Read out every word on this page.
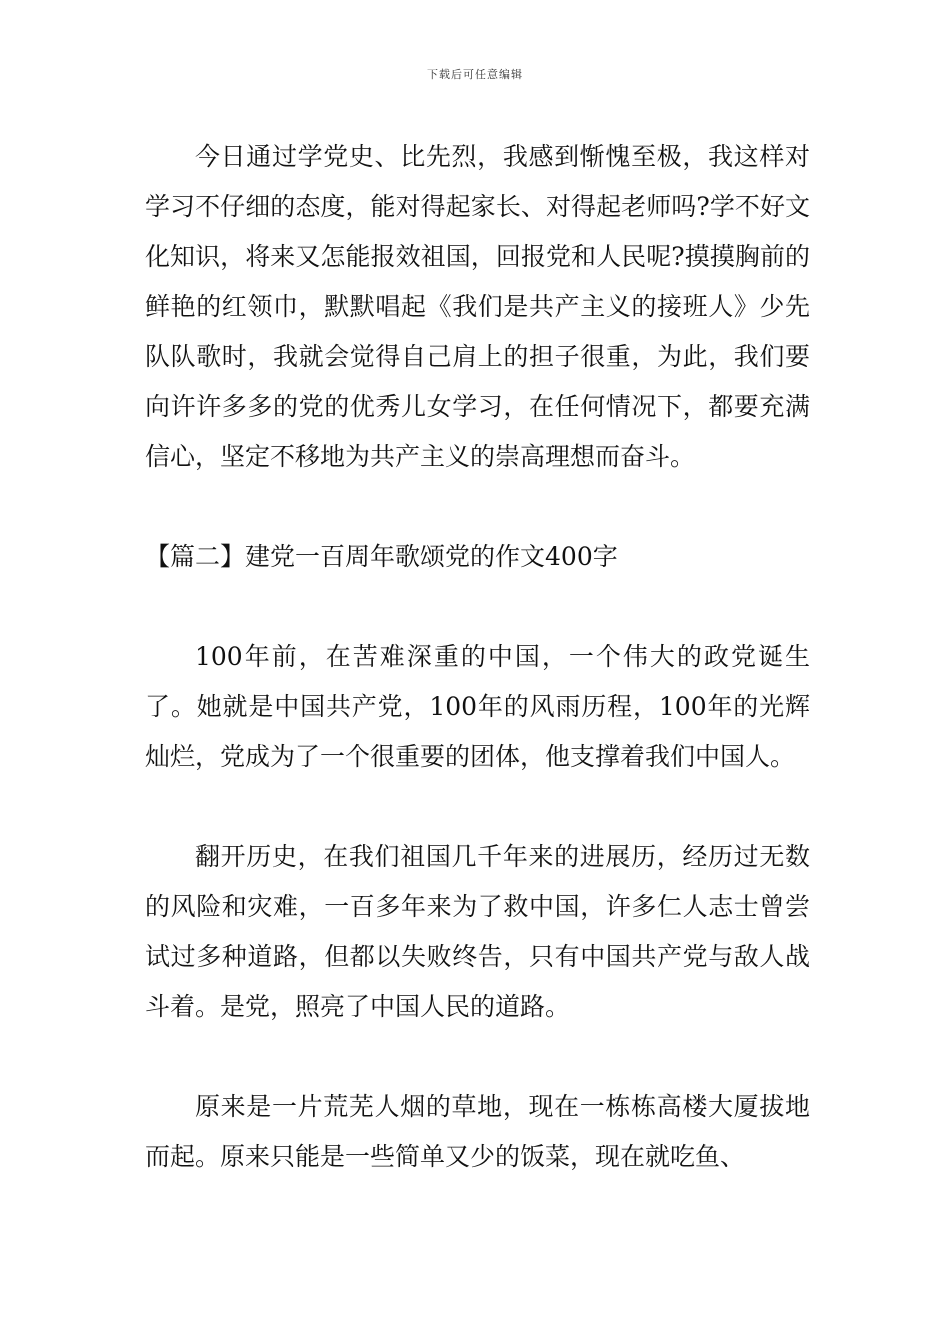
下载后可任意编辑

今日通过学党史、比先烈，我感到惭愧至极，我这样对学习不仔细的态度，能对得起家长、对得起老师吗?学不好文化知识，将来又怎能报效祖国，回报党和人民呢?摸摸胸前的鲜艳的红领巾，默默唱起《我们是共产主义的接班人》少先队队歌时，我就会觉得自己肩上的担子很重，为此，我们要向许许多多的党的优秀儿女学习，在任何情况下，都要充满信心，坚定不移地为共产主义的崇高理想而奋斗。

【篇二】建党一百周年歌颂党的作文400字

100年前，在苦难深重的中国，一个伟大的政党诞生了。她就是中国共产党，100年的风雨历程，100年的光辉灿烂，党成为了一个很重要的团体，他支撑着我们中国人。

翻开历史，在我们祖国几千年来的进展历，经历过无数的风险和灾难，一百多年来为了救中国，许多仁人志士曾尝试过多种道路，但都以失败终告，只有中国共产党与敌人战斗着。是党，照亮了中国人民的道路。

原来是一片荒芜人烟的草地，现在一栋栋高楼大厦拔地而起。原来只能是一些简单又少的饭菜，现在就吃鱼、
